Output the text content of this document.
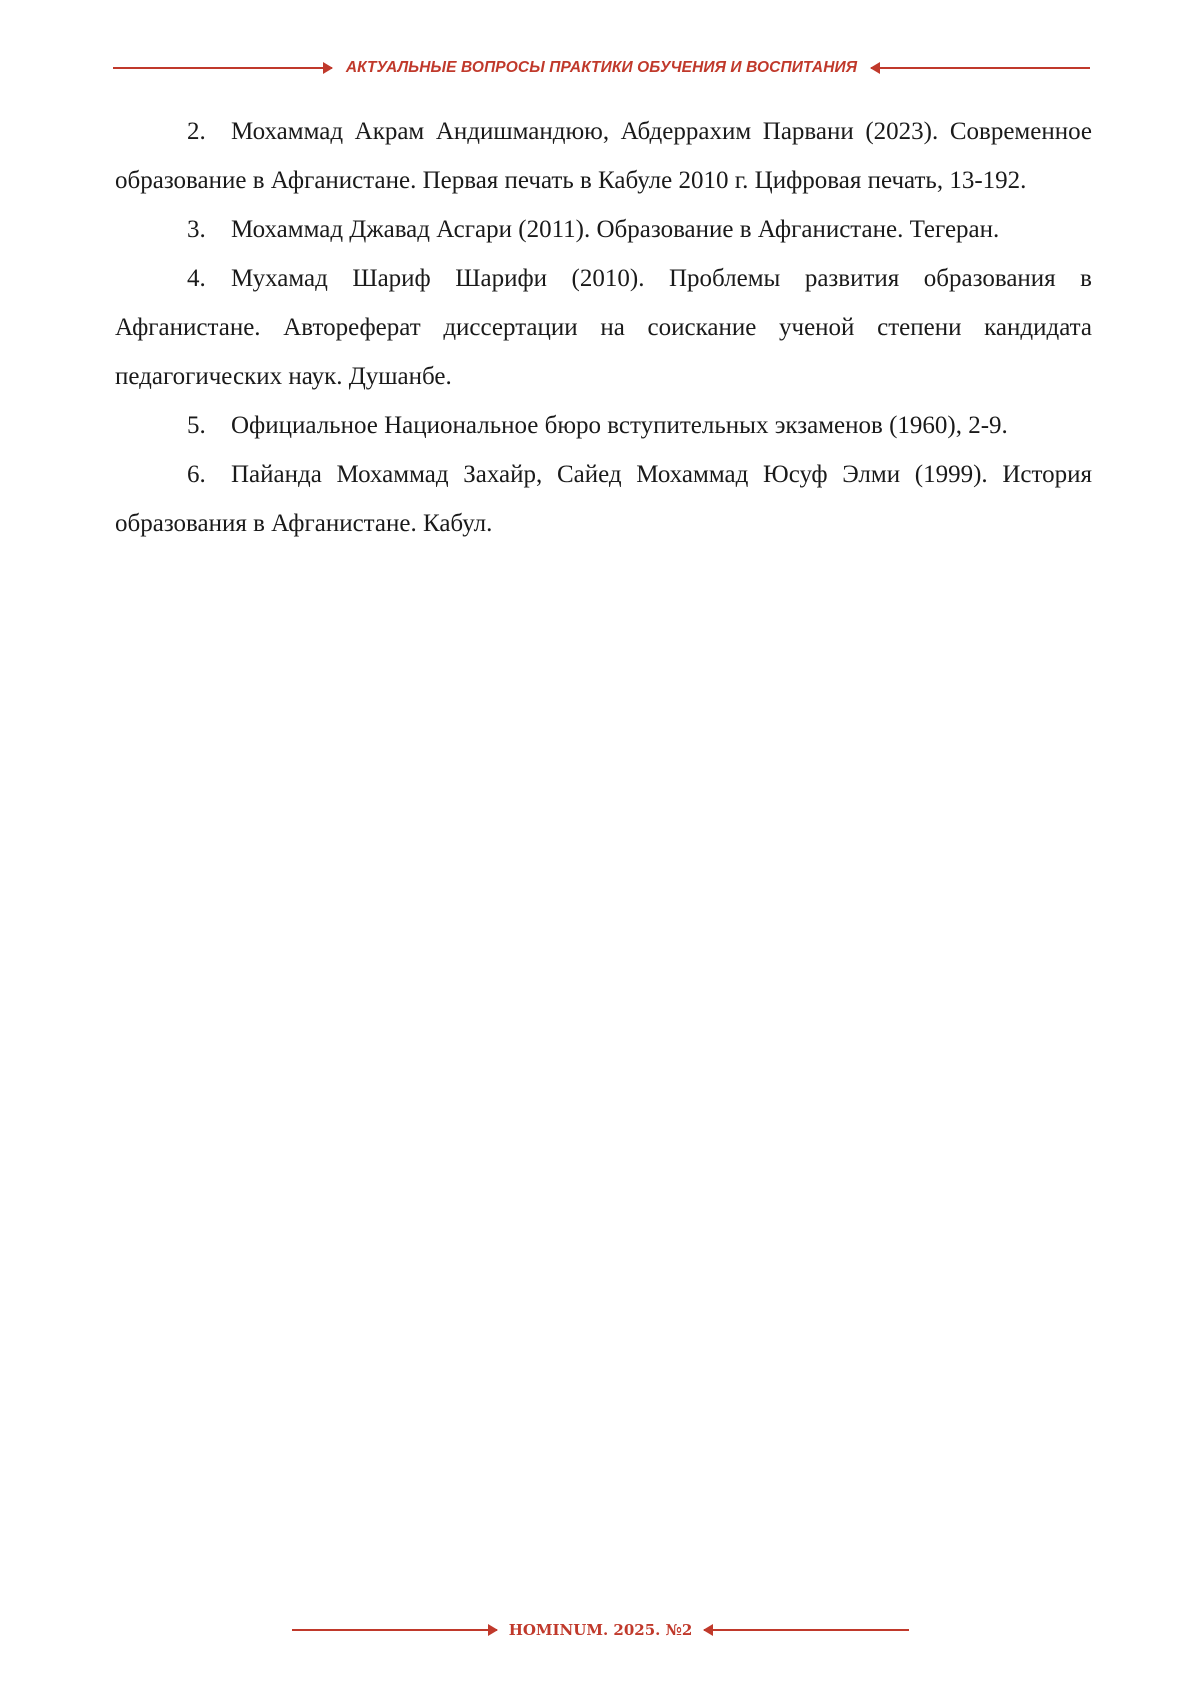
АКТУАЛЬНЫЕ ВОПРОСЫ ПРАКТИКИ ОБУЧЕНИЯ И ВОСПИТАНИЯ

2. Мохаммад Акрам Андишмандюю, Абдеррахим Парвани (2023). Современное образование в Афганистане. Первая печать в Кабуле 2010 г. Цифровая печать, 13-192.

3. Мохаммад Джавад Асгари (2011). Образование в Афганистане. Тегеран.

4. Мухамад Шариф Шарифи (2010). Проблемы развития образования в Афганистане. Автореферат диссертации на соискание ученой степени кандидата педагогических наук. Душанбе.

5. Официальное Национальное бюро вступительных экзаменов (1960), 2-9.

6. Пайанда Мохаммад Захайр, Сайед Мохаммад Юсуф Элми (1999). История образования в Афганистане. Кабул.

HOMINUM. 2025. №2
